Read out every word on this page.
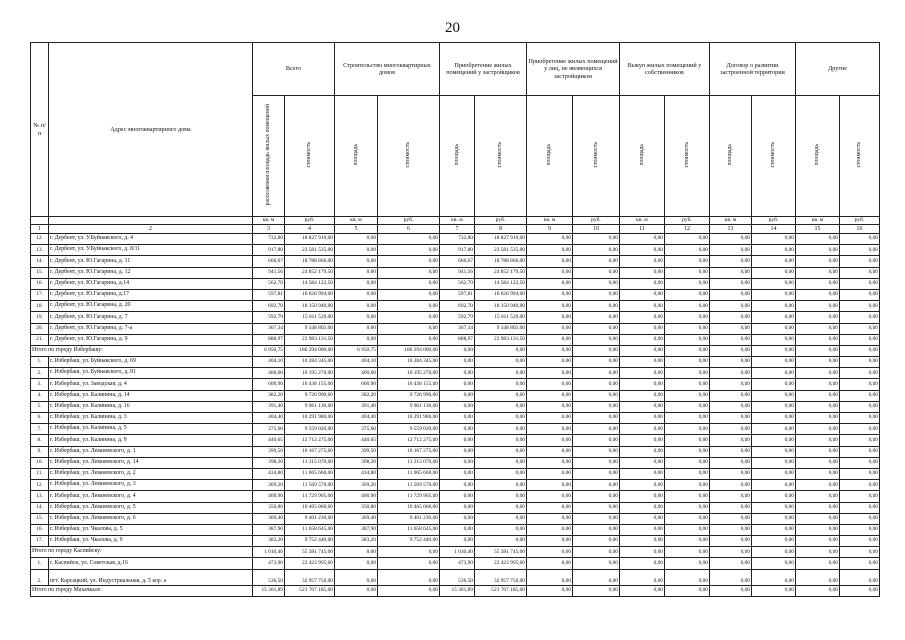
20
№ п/п	Адрес многоквартирного дома	Всего		Строительство многоквартирных домов		Приобретение жилых помещений у застройщиков		Приобретение жилых помещений у лиц, не являющихся застройщиком		Выкуп жилых помещений у собственников		Договор о развитии застроенной территории		Другие	
		расселяемая площадь жилых помещений	стоимость	площадь	стоимость	площадь	стоимость	площадь	стоимость	площадь	стоимость	площадь	стоимость	площадь	стоимость
		кв. м	руб.	кв. м	руб.	кв. м	руб.	кв. м	руб.	кв. м	руб.	кв. м	руб.	кв. м	руб.
1	2	3	4	5	6	7	8	9	10	11	12	13	14	15	16
12.	г. Дербент, ул. У.Буйнакского, д. 4	732,80	18 827 910,00	0,00	0,00	732,80	18 827 910,00	0,00	0,00	0,00	0,00	0,00	0,00	0,00	0,00
13.	г. Дербент, ул. У.Буйнакского, д. 8/11	917,80	23 581 535,00	0,00	0,00	917,80	23 581 535,00	0,00	0,00	0,00	0,00	0,00	0,00	0,00	0,00
14.	г. Дербент, ул. Ю.Гагарина, д. 11	666,67	18 788 866,00	0,00	0,00	666,67	18 788 866,00	0,00	0,00	0,00	0,00	0,00	0,00	0,00	0,00
15.	г. Дербент, ул. Ю.Гагарина, д. 12	941,56	24 852 179,50	0,00	0,00	941,56	24 852 179,50	0,00	0,00	0,00	0,00	0,00	0,00	0,00	0,00
16.	г. Дербент, ул. Ю.Гагарина, д.14	562,70	14 584 122,50	0,00	0,00	562,70	14 584 122,50	0,00	0,00	0,00	0,00	0,00	0,00	0,00	0,00
17.	г. Дербент, ул. Ю.Гагарина, д.17	597,81	16 626 994,00	0,00	0,00	597,81	16 626 994,00	0,00	0,00	0,00	0,00	0,00	0,00	0,00	0,00
18.	г. Дербент, ул. Ю.Гагарина, д. 20	692,70	18 150 940,00	0,00	0,00	692,70	18 150 940,00	0,00	0,00	0,00	0,00	0,00	0,00	0,00	0,00
19.	г. Дербент, ул. Ю.Гагарина, д. 7	592,79	15 611 539,00	0,00	0,00	592,79	15 611 539,00	0,00	0,00	0,00	0,00	0,00	0,00	0,00	0,00
20.	г. Дербент, ул. Ю.Гагарина, д. 7-а	367,34	9 348 803,00	0,00	0,00	367,34	9 348 803,00	0,00	0,00	0,00	0,00	0,00	0,00	0,00	0,00
21.	г. Дербент, ул. Ю.Гагарина, д. 9	888,97	22 983 131,50	0,00	0,00	888,97	22 983 131,50	0,00	0,00	0,00	0,00	0,00	0,00	0,00	0,00
Итого по городу Избербашу:		6 950,75	186 294 000,00	6 950,75	186 294 000,00	0,00	0,00	0,00	0,00	0,00	0,00	0,00	0,00	0,00	0,00
1.	г. Избербаш, ул. Буйнакского, д. 69	404,10	10 284 345,00	404,10	10 284 345,00	0,00	0,00	0,00	0,00	0,00	0,00	0,00	0,00	0,00	0,00
2.	г. Избербаш, ул. Буйнакского, д. 81	400,60	10 195 270,00	400,60	10 195 270,00	0,00	0,00	0,00	0,00	0,00	0,00	0,00	0,00	0,00	0,00
3.	г. Избербаш, ул. Заводская, д. 4	600,90	16 438 155,00	600,90	16 438 155,00	0,00	0,00	0,00	0,00	0,00	0,00	0,00	0,00	0,00	0,00
4.	г. Избербаш, ул. Калинина, д. 14	382,20	9 726 990,00	382,20	9 726 990,00	0,00	0,00	0,00	0,00	0,00	0,00	0,00	0,00	0,00	0,00
5.	г. Избербаш, ул. Калинина, д. 16	391,40	9 961 130,00	391,40	9 961 130,00	0,00	0,00	0,00	0,00	0,00	0,00	0,00	0,00	0,00	0,00
6.	г. Избербаш, ул. Калинина, д. 3	404,40	10 291 980,00	404,40	10 291 980,00	0,00	0,00	0,00	0,00	0,00	0,00	0,00	0,00	0,00	0,00
7.	г. Избербаш, ул. Калинина, д. 5	375,60	9 559 020,00	375,60	9 559 020,00	0,00	0,00	0,00	0,00	0,00	0,00	0,00	0,00	0,00	0,00
8.	г. Избербаш, ул. Калинина, д. 9	440,65	12 712 275,00	440,65	12 712 275,00	0,00	0,00	0,00	0,00	0,00	0,00	0,00	0,00	0,00	0,00
9.	г. Избербаш, ул. Леваневского, д. 1	399,50	10 167 275,00	399,50	10 167 275,00	0,00	0,00	0,00	0,00	0,00	0,00	0,00	0,00	0,00	0,00
10.	г. Избербаш, ул. Леваневского, д. 14	398,20	11 315 070,00	398,20	11 315 070,00	0,00	0,00	0,00	0,00	0,00	0,00	0,00	0,00	0,00	0,00
11.	г. Избербаш, ул. Леваневского, д. 2	434,80	11 065 660,00	434,80	11 065 660,00	0,00	0,00	0,00	0,00	0,00	0,00	0,00	0,00	0,00	0,00
12.	г. Избербаш, ул. Леваневского, д. 3	369,20	11 569 570,00	369,20	11 569 570,00	0,00	0,00	0,00	0,00	0,00	0,00	0,00	0,00	0,00	0,00
13.	г. Избербаш, ул. Леваневского, д. 4	460,90	11 729 905,00	460,90	11 729 905,00	0,00	0,00	0,00	0,00	0,00	0,00	0,00	0,00	0,00	0,00
14.	г. Избербаш, ул. Леваневского, д. 5	350,80	10 465 060,00	350,80	10 465 060,00	0,00	0,00	0,00	0,00	0,00	0,00	0,00	0,00	0,00	0,00
15.	г. Избербаш, ул. Леваневского, д. 6	369,40	9 401 230,00	369,40	9 401 230,00	0,00	0,00	0,00	0,00	0,00	0,00	0,00	0,00	0,00	0,00
16.	г. Избербаш, ул. Чкалова, д. 5	387,90	11 658 645,00	387,90	11 658 645,00	0,00	0,00	0,00	0,00	0,00	0,00	0,00	0,00	0,00	0,00
17.	г. Избербаш, ул. Чкалова, д. 9	383,20	9 752 440,00	383,20	9 752 440,00	0,00	0,00	0,00	0,00	0,00	0,00	0,00	0,00	0,00	0,00
Итого по городу Каспийску:		1 010,40	55 381 745,00	0,00	0,00	1 010,40	55 381 745,00	0,00	0,00	0,00	0,00	0,00	0,00	0,00	0,00
1.	г. Каспийск, ул. Советская, д.16	473,90	22 423 995,00	0,00	0,00	473,90	22 423 995,00	0,00	0,00	0,00	0,00	0,00	0,00	0,00	0,00
2.	пгт. Карсацкий, ул. Индустриальная, д. 5 кор. а	536,50	32 957 750,00	0,00	0,00	536,50	32 957 750,00	0,00	0,00	0,00	0,00	0,00	0,00	0,00	0,00
Итого по городу Махачкале:		15 301,89	521 707 185,00	0,00	0,00	15 301,89	521 707 185,00	0,00	0,00	0,00	0,00	0,00	0,00	0,00	0,00
